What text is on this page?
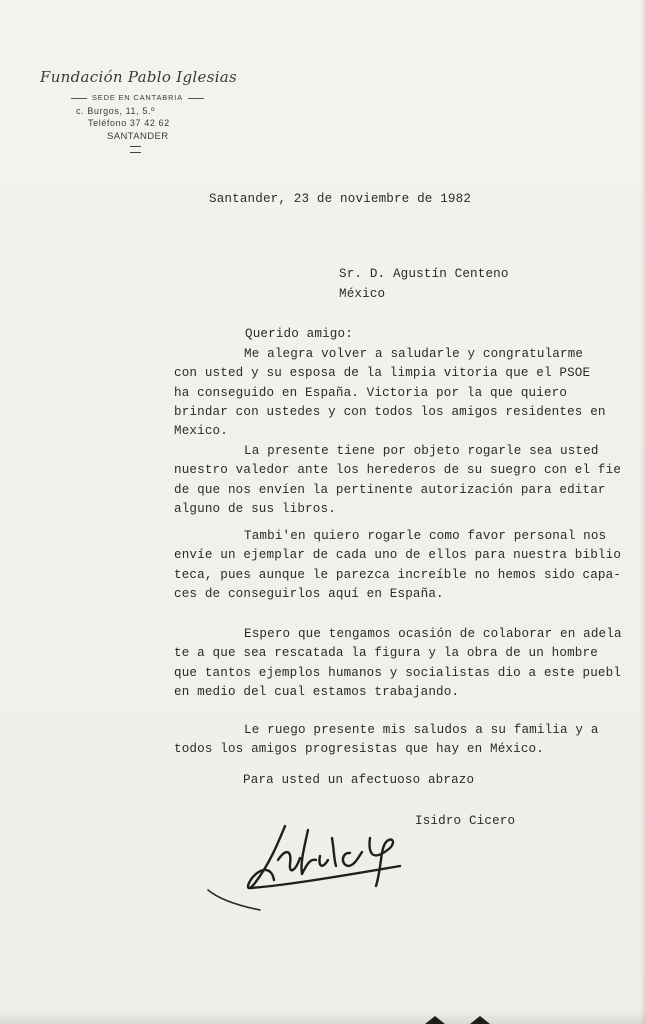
Fundación Pablo Iglesias
SEDE EN CANTABRIA
c. Burgos, 11, 5.º
Teléfono 37 42 62
SANTANDER
Santander, 23 de noviembre de 1982
Sr. D. Agustín Centeno
México
Querido amigo:
Me alegra volver a saludarle y congratularme
con usted y su esposa de la limpia vitoria que el PSOE
ha conseguido en España. Victoria por la que quiero
brindar con ustedes y con todos los amigos residentes en
Mexico.
La presente tiene por objeto rogarle sea usted
nuestro valedor ante los herederos de su suegro con el fie
de que nos envíen la pertinente autorización para editar
alguno de sus libros.
Tambi'en quiero rogarle como favor personal nos
envíe un ejemplar de cada uno de ellos para nuestra biblio
teca, pues aunque le parezca increíble no hemos sido capa-
ces de conseguirlos aquí en España.
Espero que tengamos ocasión de colaborar en adela
te a que sea rescatada la figura y la obra de un hombre
que tantos ejemplos humanos y socialistas dio a este puebl
en medio del cual estamos trabajando.
Le ruego presente mis saludos a su familia y a
todos los amigos progresistas que hay en México.
Para usted un afectuoso abrazo
Isidro Cicero
